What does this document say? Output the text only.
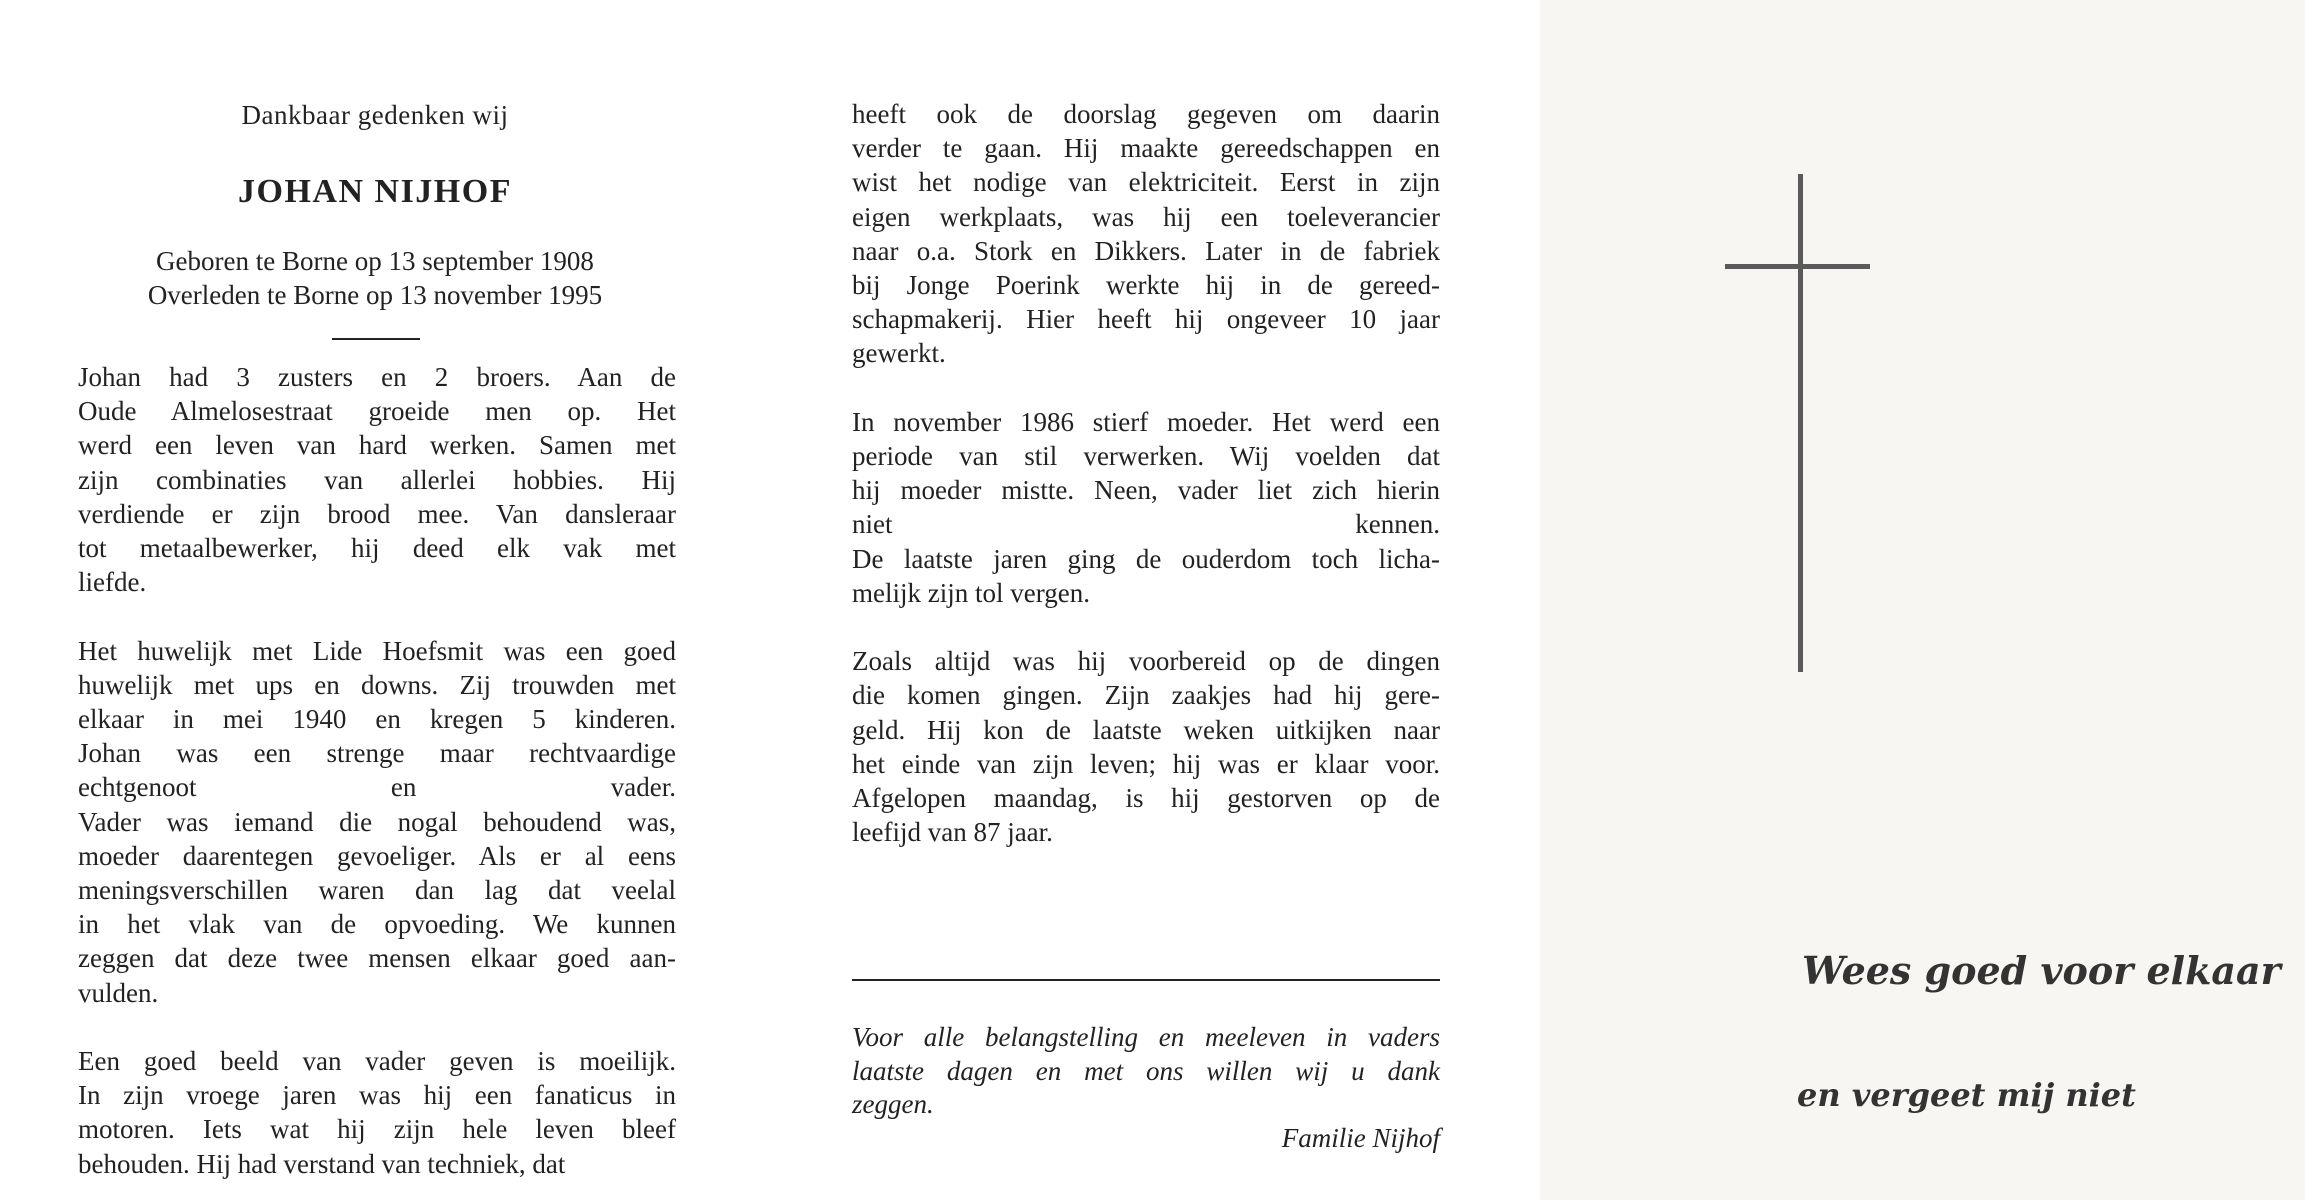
Dankbaar gedenken wij
JOHAN NIJHOF
Geboren te Borne op 13 september 1908
Overleden te Borne op 13 november 1995
Johan had 3 zusters en 2 broers. Aan de
Oude Almelosestraat groeide men op. Het
werd een leven van hard werken. Samen met
zijn combinaties van allerlei hobbies. Hij
verdiende er zijn brood mee. Van dansleraar
tot metaalbewerker, hij deed elk vak met
liefde.
Het huwelijk met Lide Hoefsmit was een goed
huwelijk met ups en downs. Zij trouwden met
elkaar in mei 1940 en kregen 5 kinderen.
Johan was een strenge maar rechtvaardige
echtgenoot en vader.
Vader was iemand die nogal behoudend was,
moeder daarentegen gevoeliger. Als er al eens
meningsverschillen waren dan lag dat veelal
in het vlak van de opvoeding. We kunnen
zeggen dat deze twee mensen elkaar goed aan-
vulden.
Een goed beeld van vader geven is moeilijk.
In zijn vroege jaren was hij een fanaticus in
motoren. Iets wat hij zijn hele leven bleef
behouden. Hij had verstand van techniek, dat
heeft ook de doorslag gegeven om daarin
verder te gaan. Hij maakte gereedschappen en
wist het nodige van elektriciteit. Eerst in zijn
eigen werkplaats, was hij een toeleverancier
naar o.a. Stork en Dikkers. Later in de fabriek
bij Jonge Poerink werkte hij in de gereed-
schapmakerij. Hier heeft hij ongeveer 10 jaar
gewerkt.
In november 1986 stierf moeder. Het werd een
periode van stil verwerken. Wij voelden dat
hij moeder mistte. Neen, vader liet zich hierin
niet kennen.
De laatste jaren ging de ouderdom toch licha-
melijk zijn tol vergen.
Zoals altijd was hij voorbereid op de dingen
die komen gingen. Zijn zaakjes had hij gere-
geld. Hij kon de laatste weken uitkijken naar
het einde van zijn leven; hij was er klaar voor.
Afgelopen maandag, is hij gestorven op de
leefijd van 87 jaar.
Voor alle belangstelling en meeleven in vaders
laatste dagen en met ons willen wij u dank
zeggen.
Familie Nijhof
Wees goed voor elkaar
en vergeet mij niet
